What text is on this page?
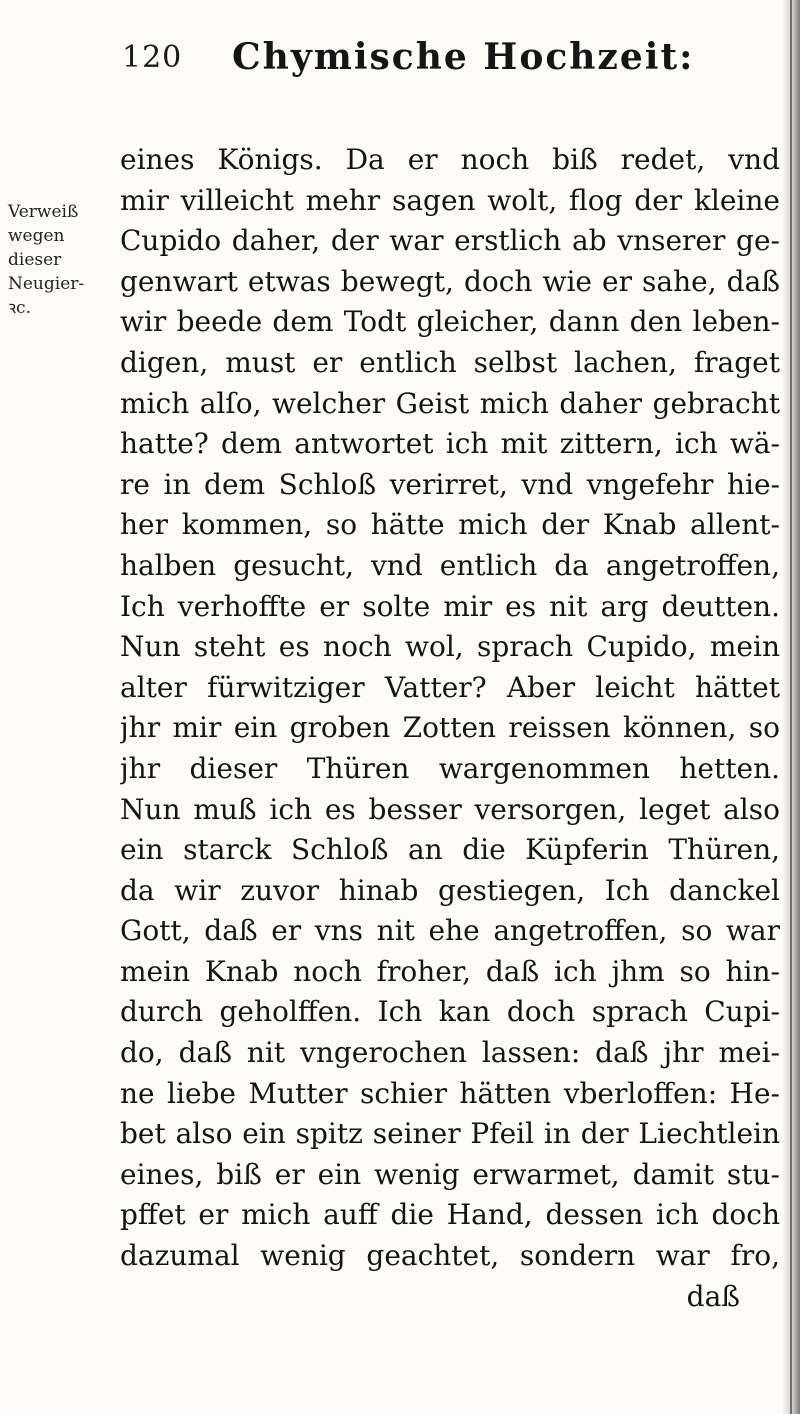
120 Chymische Hochzeit:
Verweiß
wegen
dieser
Neugier-
ꝛc.
eines Königs. Da er noch biß redet, vnd
mir villeicht mehr sagen wolt, flog der kleine
Cupido daher, der war erstlich ab vnserer ge-
genwart etwas bewegt, doch wie er sahe, daß
wir beede dem Todt gleicher, dann den leben-
digen, must er entlich selbst lachen, fraget
mich alſo, welcher Geist mich daher gebracht
hatte? dem antwortet ich mit zittern, ich wä-
re in dem Schloß verirret, vnd vngefehr hie-
her kommen, so hätte mich der Knab allent-
halben gesucht, vnd entlich da angetroffen,
Ich verhoffte er solte mir es nit arg deutten.
Nun steht es noch wol, sprach Cupido, mein
alter fürwitziger Vatter? Aber leicht hättet
jhr mir ein groben Zotten reissen können, so
jhr dieser Thüren wargenommen hetten.
Nun muß ich es besser versorgen, leget also
ein starck Schloß an die Küpferin Thüren,
da wir zuvor hinab gestiegen, Ich danckel
Gott, daß er vns nit ehe angetroffen, so war
mein Knab noch froher, daß ich jhm so hin-
durch geholffen. Ich kan doch sprach Cupi-
do, daß nit vngerochen lassen: daß jhr mei-
ne liebe Mutter schier hätten vberloffen: He-
bet also ein spitz seiner Pfeil in der Liechtlein
eines, biß er ein wenig erwarmet, damit stu-
pffet er mich auff die Hand, dessen ich doch
dazumal wenig geachtet, sondern war fro,
daß
